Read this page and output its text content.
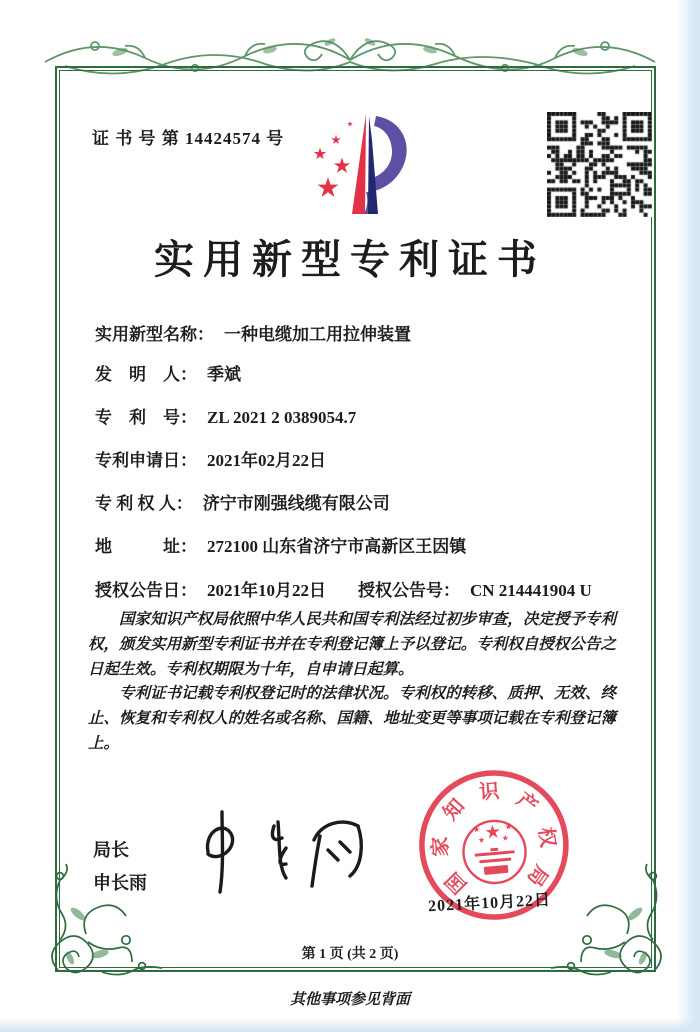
证 书 号 第 14424574 号
实用新型专利证书
实用新型名称： 一种电缆加工用拉伸装置
发　明　人： 季斌
专　利　号： ZL 2021 2 0389054.7
专利申请日： 2021年02月22日
专 利 权 人： 济宁市刚强线缆有限公司
地　　　址： 272100 山东省济宁市高新区王因镇
授权公告日： 2021年10月22日 授权公告号： CN 214441904 U

国家知识产权局依照中华人民共和国专利法经过初步审查，决定授予专利权，颁发实用新型专利证书并在专利登记簿上予以登记。专利权自授权公告之日起生效。专利权期限为十年，自申请日起算。

专利证书记载专利权登记时的法律状况。专利权的转移、质押、无效、终止、恢复和专利权人的姓名或名称、国籍、地址变更等事项记载在专利登记簿上。

局长
申长雨	国
家
知
识 产
权
局
2021年10月22日
第 1 页 (共 2 页)
其他事项参见背面
